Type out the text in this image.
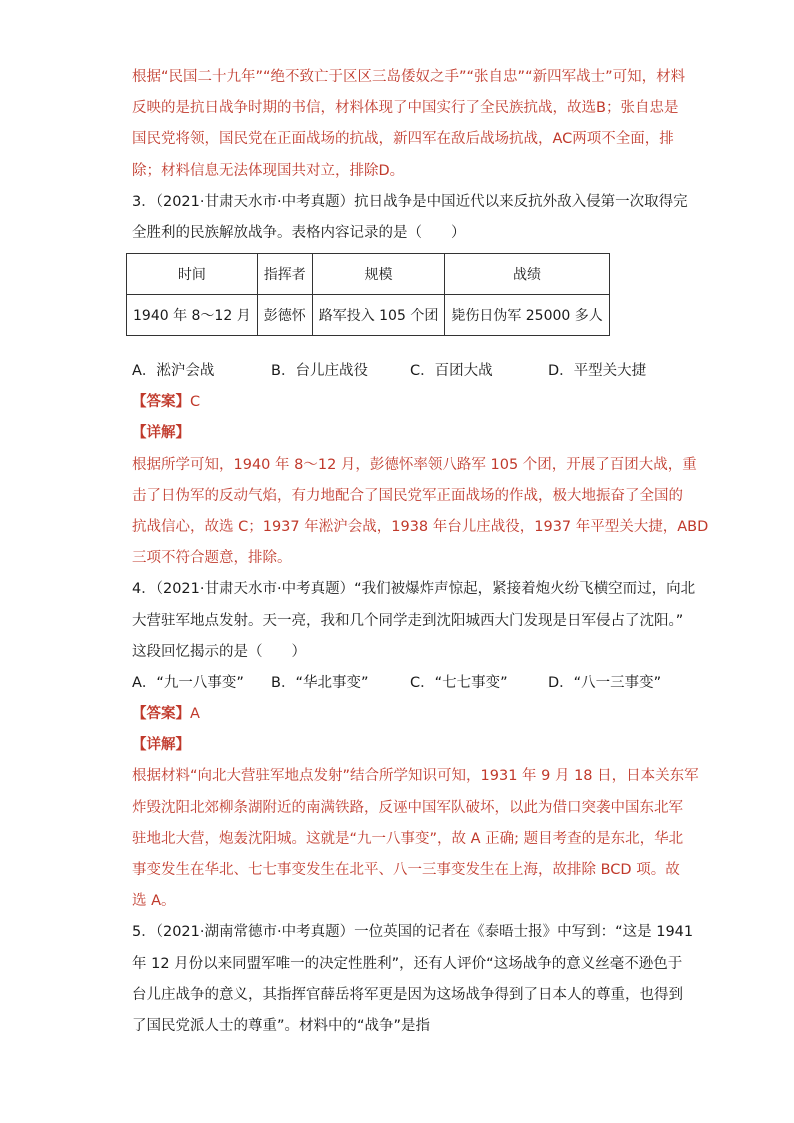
根据“民国二十九年”“绝不致亡于区区三岛倭奴之手”“张自忠”“新四军战士”可知，材料
反映的是抗日战争时期的书信，材料体现了中国实行了全民族抗战，故选B；张自忠是
国民党将领，国民党在正面战场的抗战，新四军在敌后战场抗战，AC两项不全面，排
除；材料信息无法体现国共对立，排除D。

3．（2021·甘肃天水市·中考真题）抗日战争是中国近代以来反抗外敌入侵第一次取得完
全胜利的民族解放战争。表格内容记录的是（　　）

时间	指挥者	规模	战绩
1940 年 8～12 月	彭德怀	路军投入 105 个团	毙伤日伪军 25000 多人
A．淞沪会战	B．台儿庄战役	C．百团大战	D．平型关大捷

【答案】C

【详解】

根据所学可知，1940 年 8～12 月，彭德怀率领八路军 105 个团，开展了百团大战，重
击了日伪军的反动气焰，有力地配合了国民党军正面战场的作战，极大地振奋了全国的
抗战信心，故选 C；1937 年淞沪会战，1938 年台儿庄战役，1937 年平型关大捷，ABD
三项不符合题意，排除。

4．（2021·甘肃天水市·中考真题）“我们被爆炸声惊起，紧接着炮火纷飞横空而过，向北
大营驻军地点发射。天一亮，我和几个同学走到沈阳城西大门发现是日军侵占了沈阳。”
这段回忆揭示的是（　　）

A．“九一八事变”	B．“华北事变”	C．“七七事变”	D．“八一三事变”

【答案】A

【详解】

根据材料“向北大营驻军地点发射”结合所学知识可知，1931 年 9 月 18 日，日本关东军
炸毁沈阳北郊柳条湖附近的南满铁路，反诬中国军队破坏，以此为借口突袭中国东北军
驻地北大营，炮轰沈阳城。这就是“九一八事变”，故 A 正确; 题目考查的是东北，华北
事变发生在华北、七七事变发生在北平、八一三事变发生在上海，故排除 BCD 项。故
选 A。

5．（2021·湖南常德市·中考真题）一位英国的记者在《泰晤士报》中写到：“这是 1941
年 12 月份以来同盟军唯一的决定性胜利”，还有人评价“这场战争的意义丝毫不逊色于
台儿庄战争的意义，其指挥官薛岳将军更是因为这场战争得到了日本人的尊重，也得到
了国民党派人士的尊重”。材料中的“战争”是指
